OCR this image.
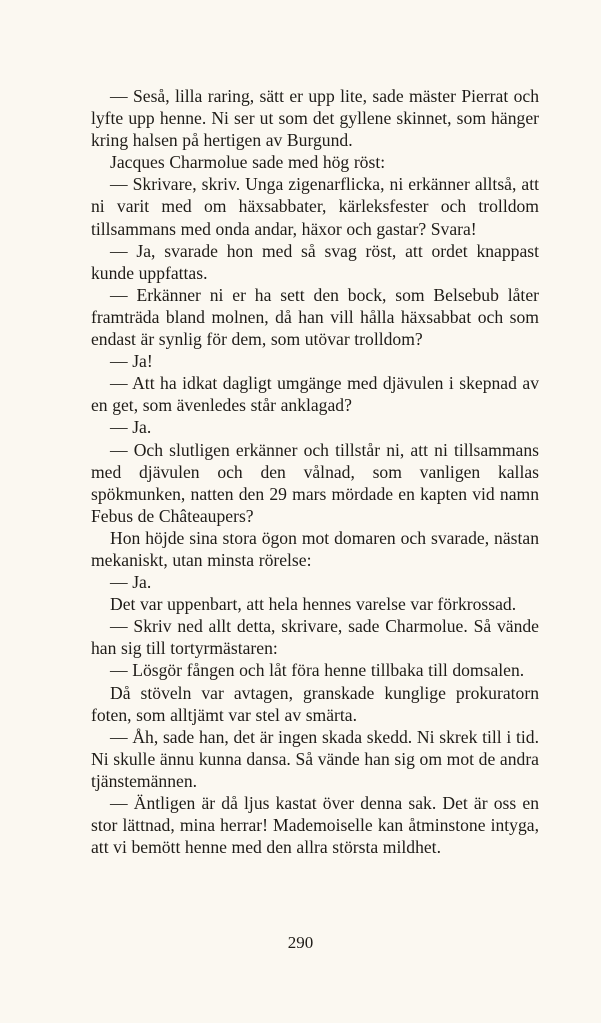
— Seså, lilla raring, sätt er upp lite, sade mäster Pierrat och lyfte upp henne. Ni ser ut som det gyllene skinnet, som hänger kring halsen på hertigen av Burgund.

Jacques Charmolue sade med hög röst:

— Skrivare, skriv. Unga zigenarflicka, ni erkänner alltså, att ni varit med om häxsabbater, kärleksfester och trolldom tillsammans med onda andar, häxor och gastar? Svara!

— Ja, svarade hon med så svag röst, att ordet knappast kunde uppfattas.

— Erkänner ni er ha sett den bock, som Belsebub låter framträda bland molnen, då han vill hålla häxsabbat och som endast är synlig för dem, som utövar trolldom?

— Ja!

— Att ha idkat dagligt umgänge med djävulen i skepnad av en get, som ävenledes står anklagad?

— Ja.

— Och slutligen erkänner och tillstår ni, att ni tillsammans med djävulen och den vålnad, som vanligen kallas spökmunken, natten den 29 mars mördade en kapten vid namn Febus de Châteaupers?

Hon höjde sina stora ögon mot domaren och svarade, nästan mekaniskt, utan minsta rörelse:

— Ja.

Det var uppenbart, att hela hennes varelse var förkrossad.

— Skriv ned allt detta, skrivare, sade Charmolue. Så vände han sig till tortyrmästaren:

— Lösgör fången och låt föra henne tillbaka till domsalen.

Då stöveln var avtagen, granskade kunglige prokuratorn foten, som alltjämt var stel av smärta.

— Åh, sade han, det är ingen skada skedd. Ni skrek till i tid. Ni skulle ännu kunna dansa. Så vände han sig om mot de andra tjänstemännen.

— Äntligen är då ljus kastat över denna sak. Det är oss en stor lättnad, mina herrar! Mademoiselle kan åtminstone intyga, att vi bemött henne med den allra största mildhet.

290
